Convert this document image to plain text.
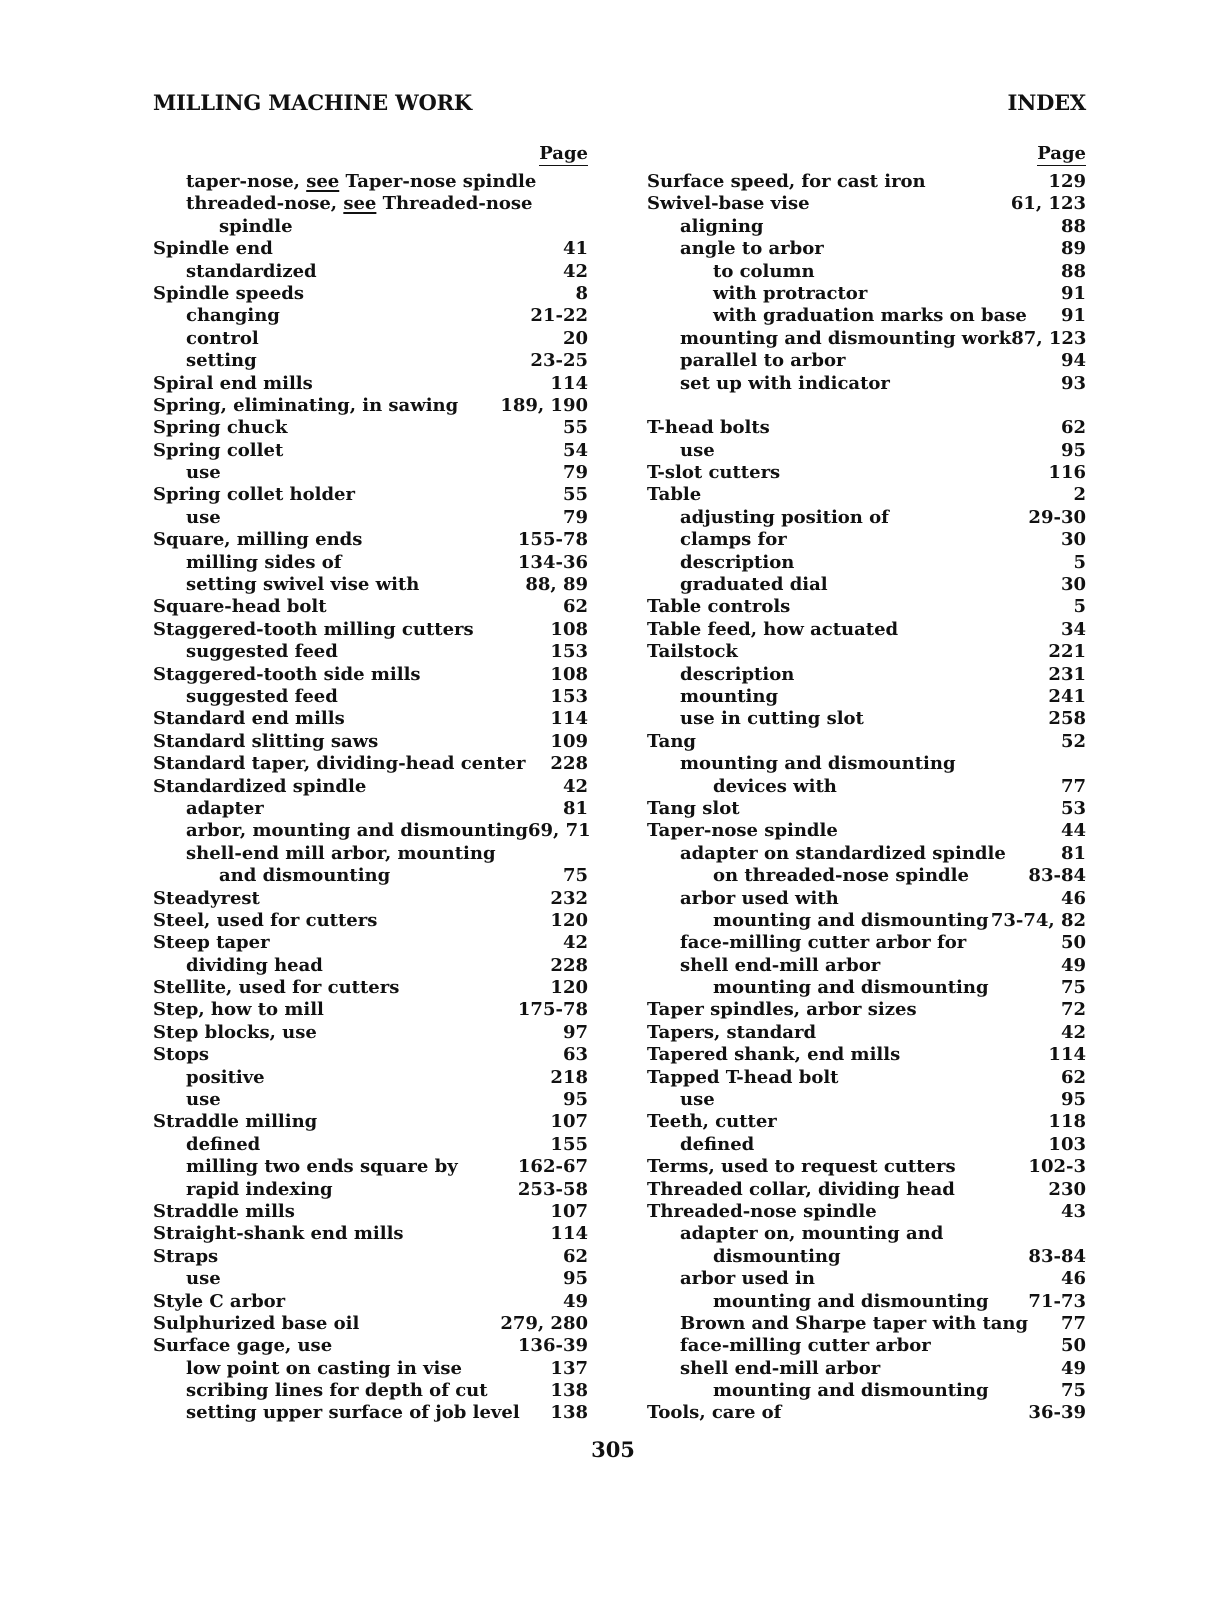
MILLING MACHINE WORK	INDEX
Page
taper-nose, see Taper-nose spindle
threaded-nose, see Threaded-nose
spindle
Spindle end	41
standardized	42
Spindle speeds	8
changing	21-22
control	20
setting	23-25
Spiral end mills	114
Spring, eliminating, in sawing 189, 190
Spring chuck	55
Spring collet	54
use	79
Spring collet holder	55
use	79
Square, milling ends	155-78
milling sides of	134-36
setting swivel vise with	88, 89
Square-head bolt	62
Staggered-tooth milling cutters	108
suggested feed	153
Staggered-tooth side mills	108
suggested feed	153
Standard end mills	114
Standard slitting saws	109
Standard taper, dividing-head center 228
Standardized spindle	42
adapter	81
arbor, mounting and dismounting 69, 71
shell-end mill arbor, mounting
and dismounting	75
Steadyrest	232
Steel, used for cutters	120
Steep taper	42
dividing head	228
Stellite, used for cutters	120
Step, how to mill	175-78
Step blocks, use	97
Stops	63
positive	218
use	95
Straddle milling	107
defined	155
milling two ends square by	162-67
rapid indexing	253-58
Straddle mills	107
Straight-shank end mills	114
Straps	62
use	95
Style C arbor	49
Sulphurized base oil	279, 280
Surface gage, use	136-39
low point on casting in vise	137
scribing lines for depth of cut	138
setting upper surface of job level 138
Page
Surface speed, for cast iron	129
Swivel-base vise	61, 123
aligning	88
angle to arbor	89
to column	88
with protractor	91
with graduation marks on base 91
mounting and dismounting work 87, 123
parallel to arbor	94
set up with indicator	93
T-head bolts	62
use	95
T-slot cutters	116
Table	2
adjusting position of	29-30
clamps for	30
description	5
graduated dial	30
Table controls	5
Table feed, how actuated	34
Tailstock	221
description	231
mounting	241
use in cutting slot	258
Tang	52
mounting and dismounting
devices with	77
Tang slot	53
Taper-nose spindle	44
adapter on standardized spindle	81
on threaded-nose spindle	83-84
arbor used with	46
mounting and dismounting 73-74, 82
face-milling cutter arbor for	50
shell end-mill arbor	49
mounting and dismounting	75
Taper spindles, arbor sizes	72
Tapers, standard	42
Tapered shank, end mills	114
Tapped T-head bolt	62
use	95
Teeth, cutter	118
defined	103
Terms, used to request cutters	102-3
Threaded collar, dividing head	230
Threaded-nose spindle	43
adapter on, mounting and
dismounting	83-84
arbor used in	46
mounting and dismounting 71-73
Brown and Sharpe taper with tang 77
face-milling cutter arbor	50
shell end-mill arbor	49
mounting and dismounting	75
Tools, care of	36-39
305
